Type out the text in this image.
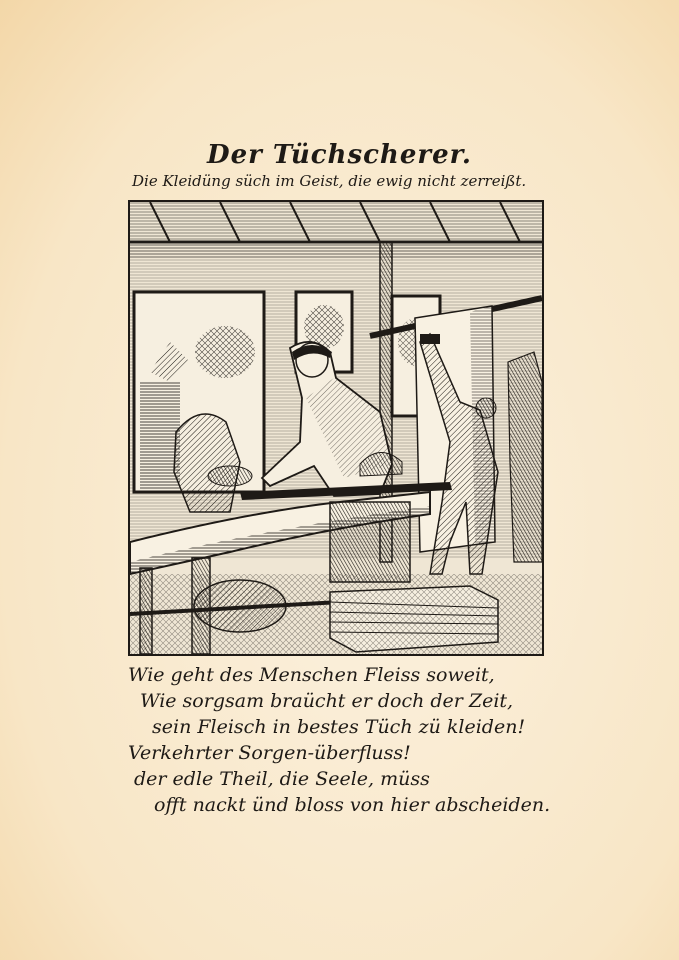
Der Tüchscherer.
Die Kleidüng süch im Geist, die ewig nicht zerreißt.
Wie geht des Menschen Fleiss soweit,
Wie sorgsam braücht er doch der Zeit,
sein Fleisch in bestes Tüch zü kleiden!
Verkehrter Sorgen-überfluss!
der edle Theil, die Seele, müss
offt nackt ünd bloss von hier abscheiden.
